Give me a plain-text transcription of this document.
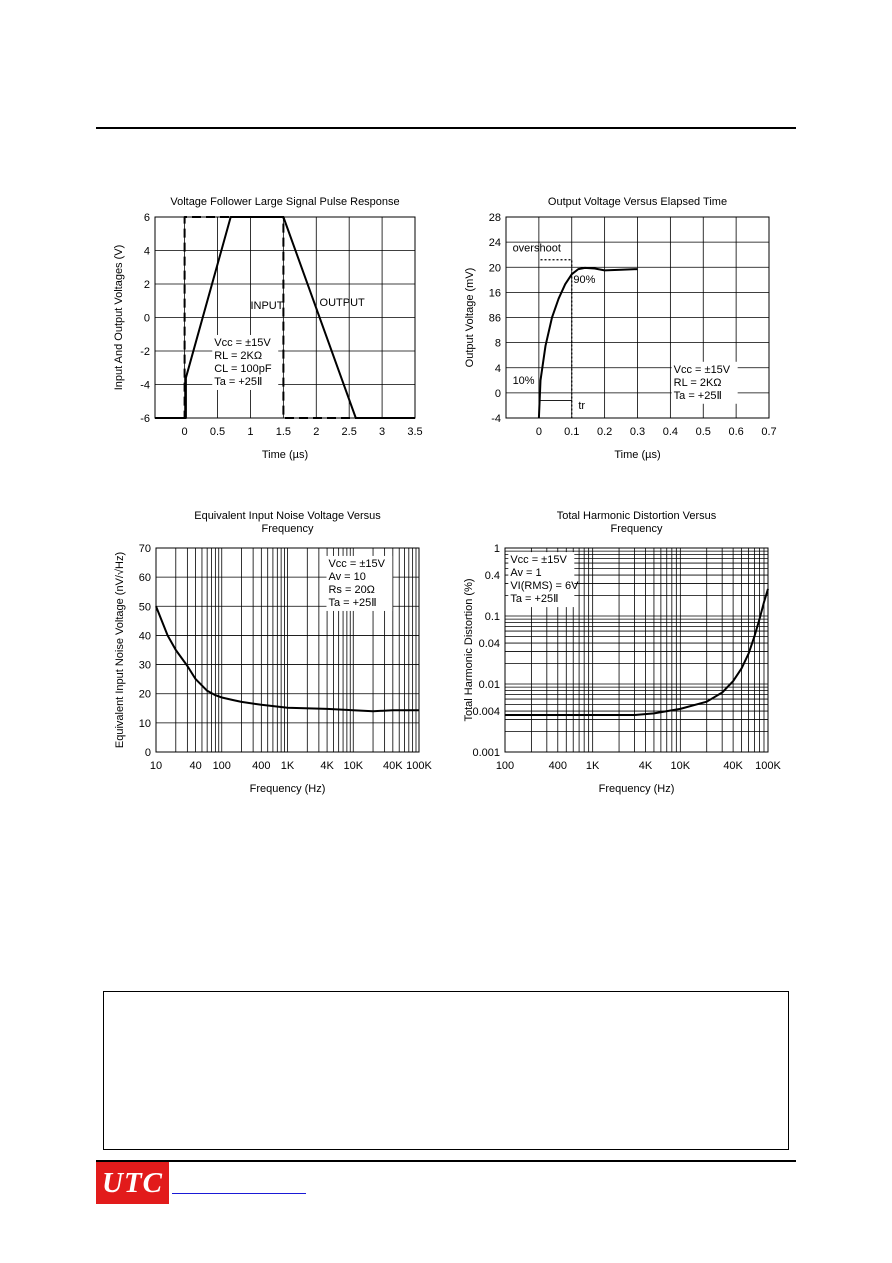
Voltage Follower Large Signal Pulse Response
0 0.5 1 1.5 2 2.5 3 3.5
-6
-4
-2
0
2
4
6
Time (µs)
Input And Output Voltages (V)	INPUT	OUTPUT
Vcc = ±15V
RL = 2KΩ
CL = 100pF
Ta = +25Ⅱ
Output Voltage Versus Elapsed Time
0 0.1 0.2 0.3 0.4 0.5 0.6 0.7
-4
0
4
8
86
16
20
24
28
Time (µs)
Output Voltage (mV)
overshoot
90%
10%
tr
Vcc = ±15V
RL = 2KΩ
Ta = +25Ⅱ
Equivalent Input Noise Voltage Versus
Frequency
10 40 100 400 1K 4K 10K 40K 100K
0
10
20
30
40
50
60
70
Frequency (Hz)
Equivalent Input Noise Voltage (nV/√Hz)	Vcc = ±15V
Av = 10
Rs = 20Ω
Ta = +25Ⅱ
Total Harmonic Distortion Versus
Frequency
100	400 1K	4K 10K	40K 100K
0.001
0.004
0.01
0.04
0.1
0.4
1
Frequency (Hz)
Total Harmonic Distortion (%)
Vcc = ±15V
Av = 1
VI(RMS) = 6V
Ta = +25Ⅱ
UTC
